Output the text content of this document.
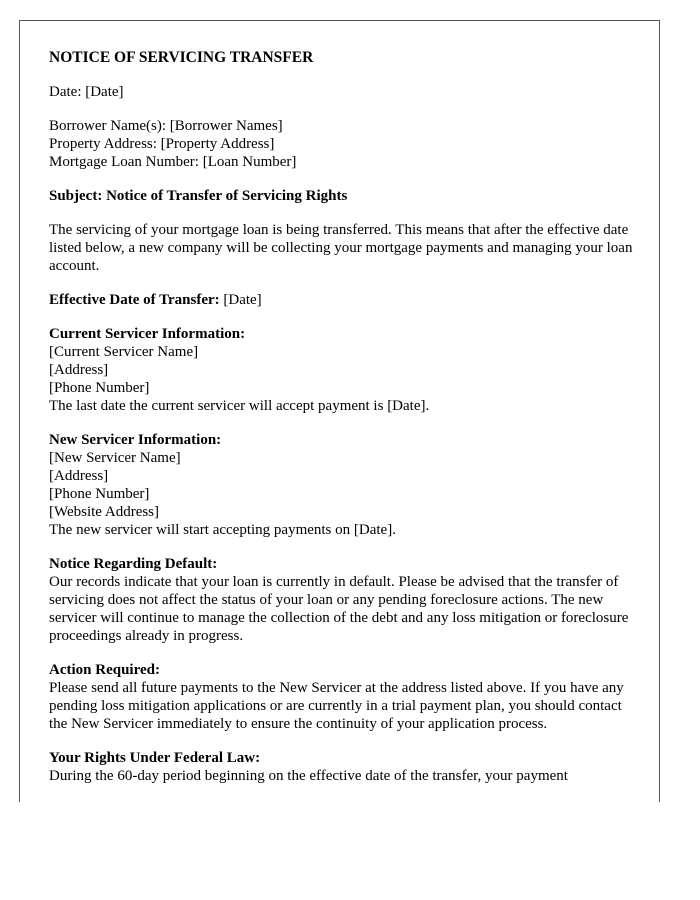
NOTICE OF SERVICING TRANSFER

Date: [Date]

Borrower Name(s): [Borrower Names]
Property Address: [Property Address]
Mortgage Loan Number: [Loan Number]

Subject: Notice of Transfer of Servicing Rights

The servicing of your mortgage loan is being transferred. This means that after the effective date listed below, a new company will be collecting your mortgage payments and managing your loan account.

Effective Date of Transfer: [Date]

Current Servicer Information:
[Current Servicer Name]
[Address]
[Phone Number]
The last date the current servicer will accept payment is [Date].
New Servicer Information:
[New Servicer Name]
[Address]
[Phone Number]
[Website Address]
The new servicer will start accepting payments on [Date].
Notice Regarding Default:
Our records indicate that your loan is currently in default. Please be advised that the transfer of servicing does not affect the status of your loan or any pending foreclosure actions. The new servicer will continue to manage the collection of the debt and any loss mitigation or foreclosure proceedings already in progress.
Action Required:
Please send all future payments to the New Servicer at the address listed above. If you have any pending loss mitigation applications or are currently in a trial payment plan, you should contact the New Servicer immediately to ensure the continuity of your application process.
Your Rights Under Federal Law:
During the 60-day period beginning on the effective date of the transfer, your payment
